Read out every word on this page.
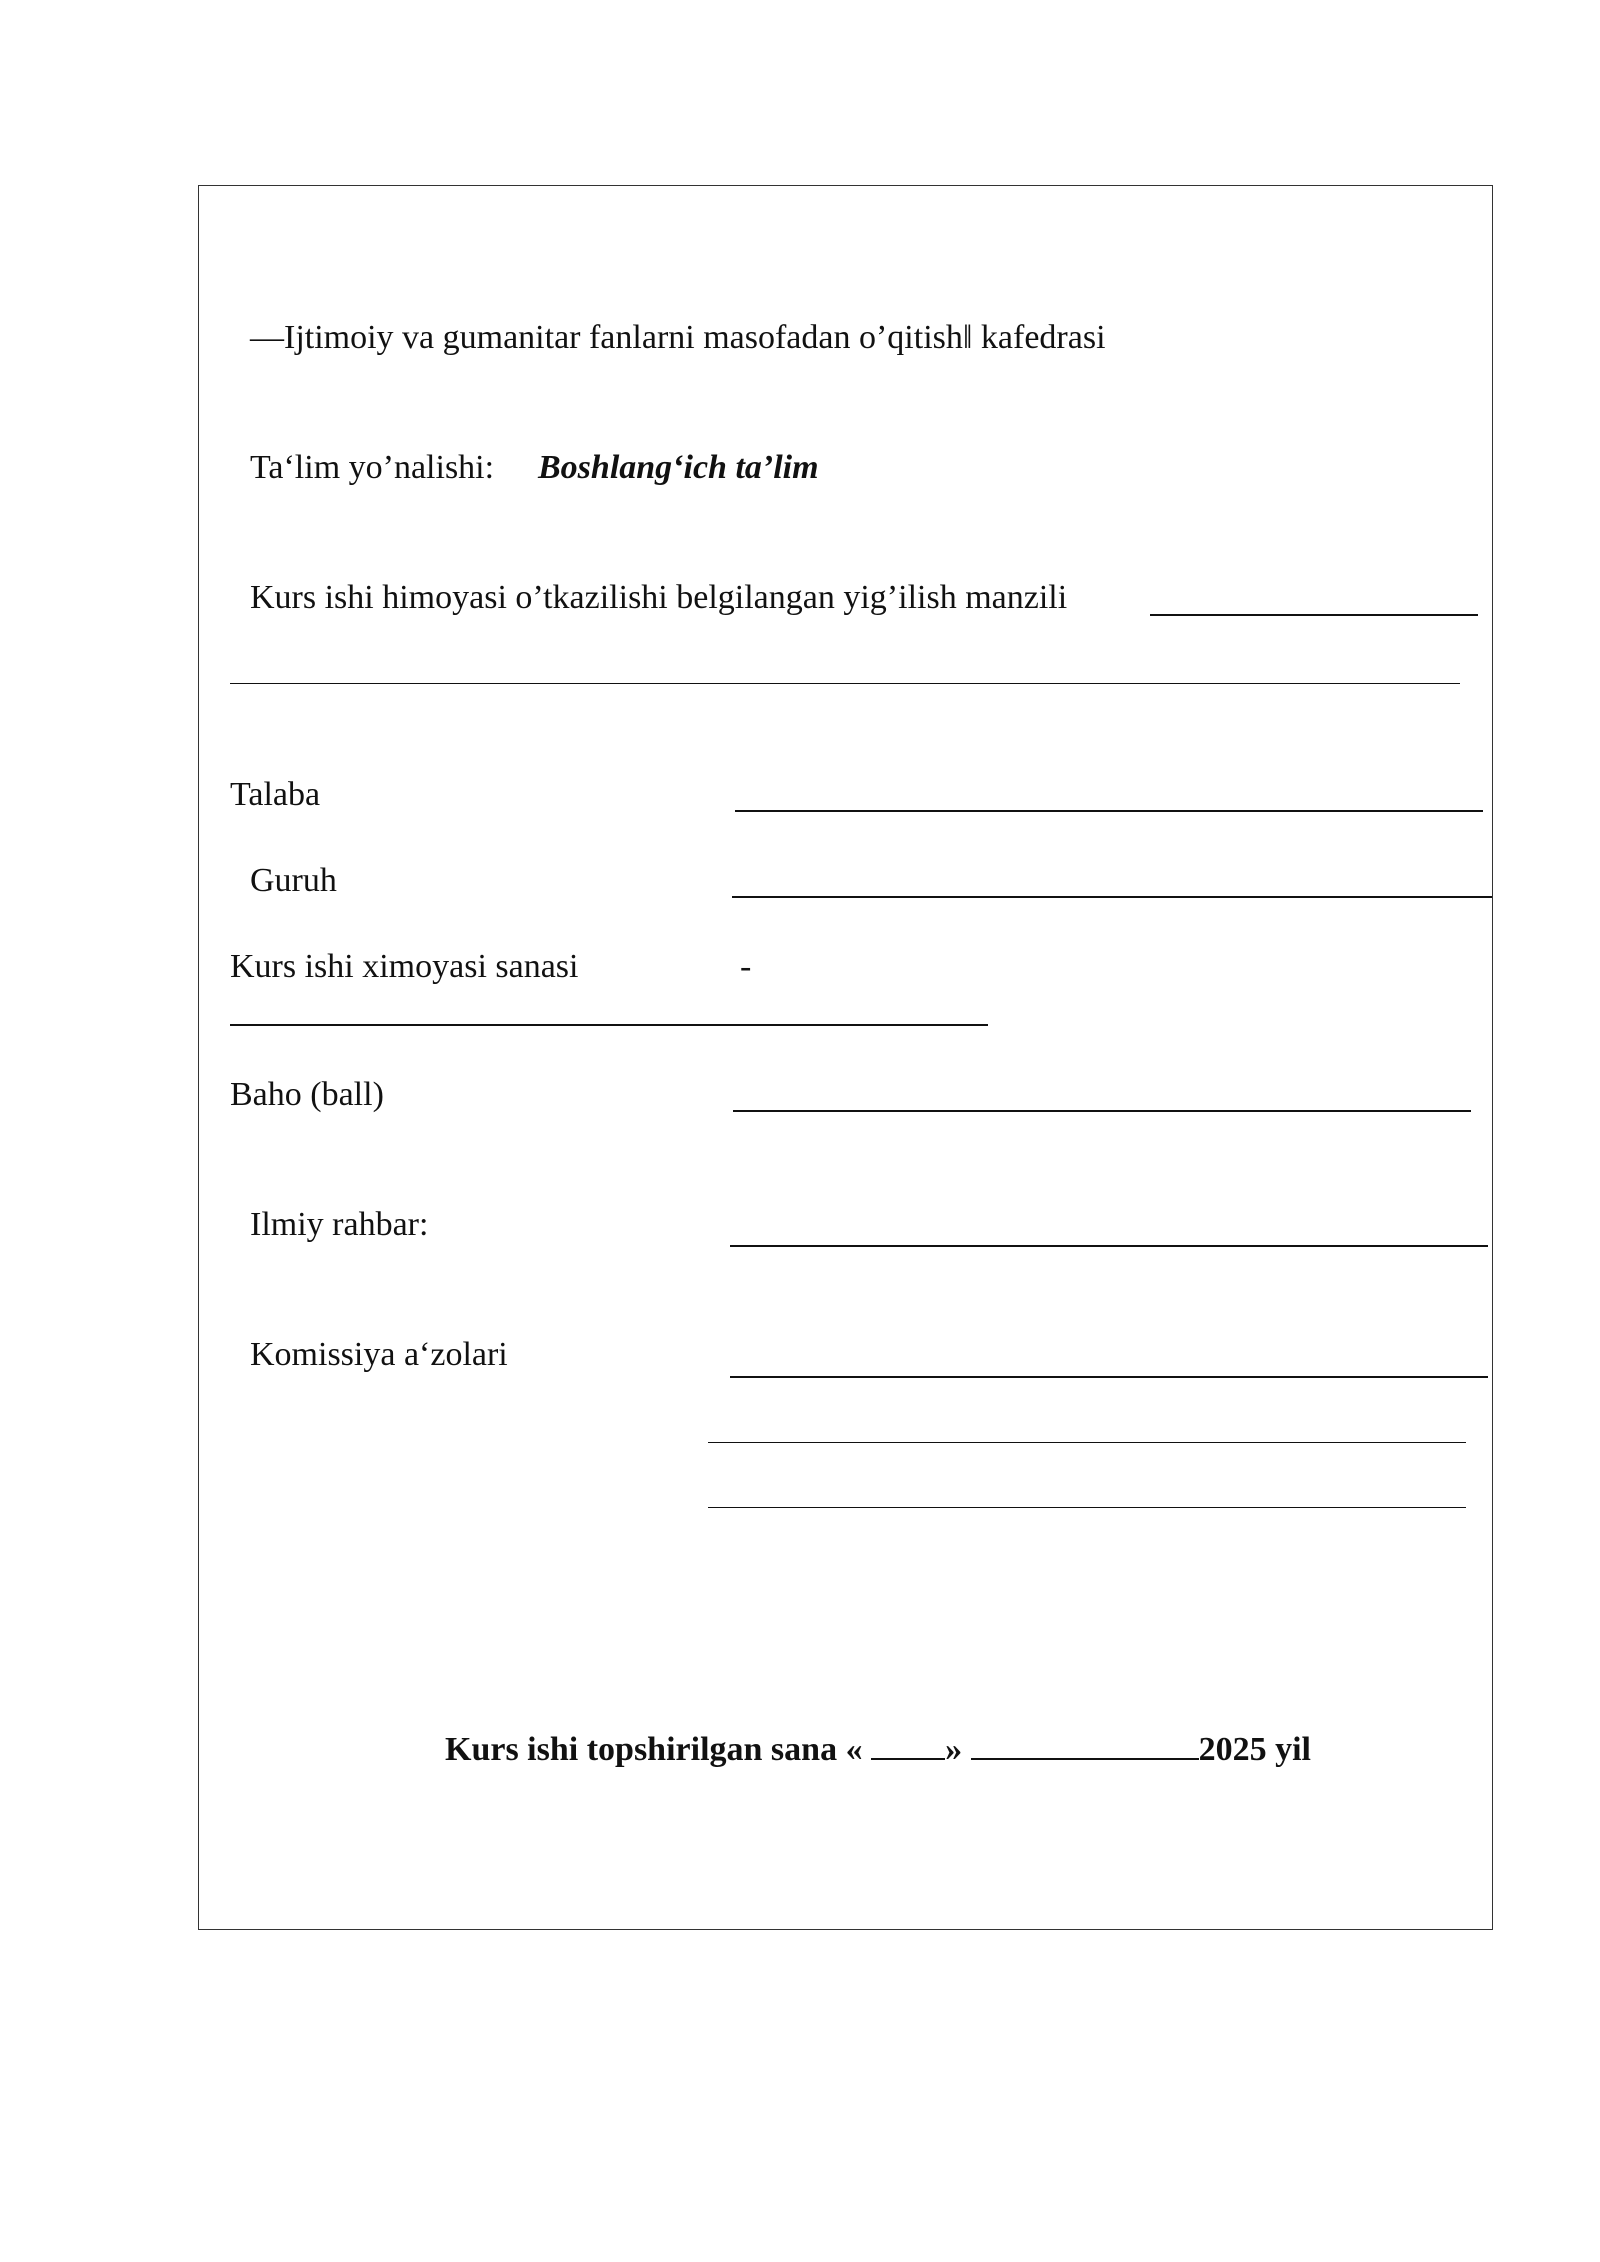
—Ijtimoiy va gumanitar fanlarni masofadan o’qitish‖ kafedrasi
Ta‘lim yo’nalishi: Boshlang‘ich ta’lim
Kurs ishi himoyasi o’tkazilishi belgilangan yig’ilish manzili
Talaba
Guruh
Kurs ishi ximoyasi sanasi	-
Baho (ball)
Ilmiy rahbar:
Komissiya a‘zolari
Kurs ishi topshirilgan sana « »	2025 yil
